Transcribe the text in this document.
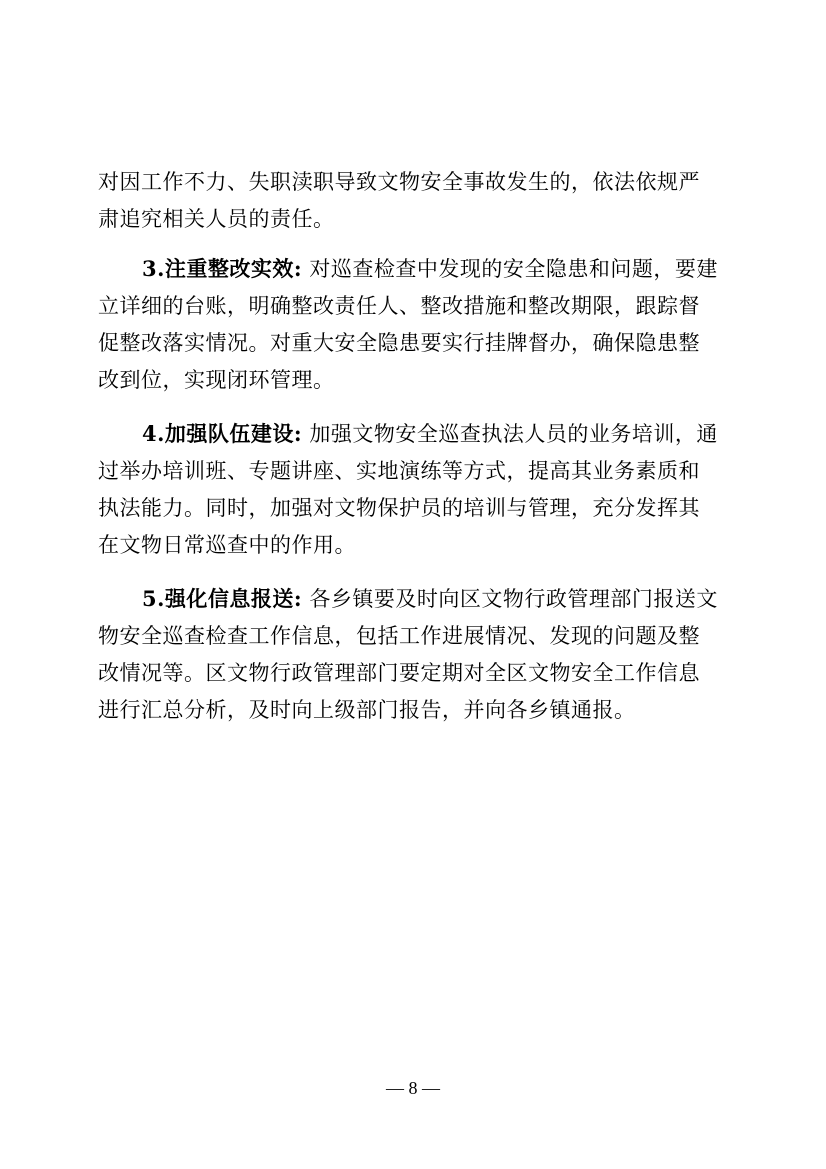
对因工作不力、失职渎职导致文物安全事故发生的，依法依规严
肃追究相关人员的责任。
3.注重整改实效: 对巡查检查中发现的安全隐患和问题，要建
立详细的台账，明确整改责任人、整改措施和整改期限，跟踪督
促整改落实情况。对重大安全隐患要实行挂牌督办，确保隐患整
改到位，实现闭环管理。
4.加强队伍建设: 加强文物安全巡查执法人员的业务培训，通
过举办培训班、专题讲座、实地演练等方式，提高其业务素质和
执法能力。同时，加强对文物保护员的培训与管理，充分发挥其
在文物日常巡查中的作用。
5.强化信息报送: 各乡镇要及时向区文物行政管理部门报送文
物安全巡查检查工作信息，包括工作进展情况、发现的问题及整
改情况等。区文物行政管理部门要定期对全区文物安全工作信息
进行汇总分析，及时向上级部门报告，并向各乡镇通报。
— 8 —
